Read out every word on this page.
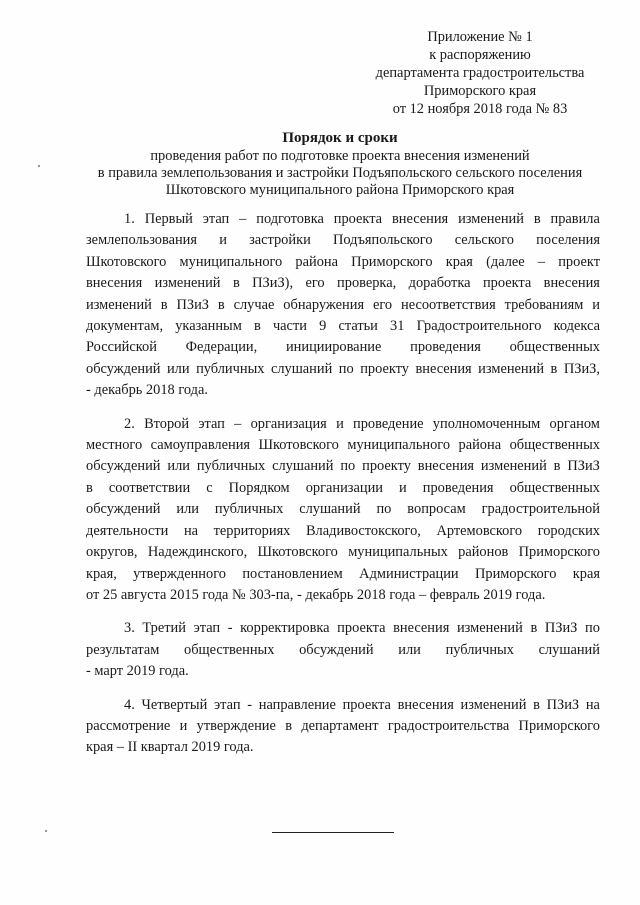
Приложение № 1
к распоряжению
департамента градостроительства
Приморского края
от 12 ноября 2018 года № 83
Порядок и сроки
проведения работ по подготовке проекта внесения изменений
в правила землепользования и застройки Подъяпольского сельского поселения
Шкотовского муниципального района Приморского края
1. Первый этап – подготовка проекта внесения изменений в правила
землепользования и застройки Подъяпольского сельского поселения
Шкотовского муниципального района Приморского края (далее – проект
внесения изменений в ПЗиЗ), его проверка, доработка проекта внесения
изменений в ПЗиЗ в случае обнаружения его несоответствия требованиям и
документам, указанным в части 9 статьи 31 Градостроительного кодекса
Российской Федерации, инициирование проведения общественных
обсуждений или публичных слушаний по проекту внесения изменений в ПЗиЗ,
- декабрь 2018 года.
2. Второй этап – организация и проведение уполномоченным органом
местного самоуправления Шкотовского муниципального района общественных
обсуждений или публичных слушаний по проекту внесения изменений в ПЗиЗ
в соответствии с Порядком организации и проведения общественных
обсуждений или публичных слушаний по вопросам градостроительной
деятельности на территориях Владивостокского, Артемовского городских
округов, Надеждинского, Шкотовского муниципальных районов Приморского
края, утвержденного постановлением Администрации Приморского края
от 25 августа 2015 года № 303-па, - декабрь 2018 года – февраль 2019 года.
3. Третий этап - корректировка проекта внесения изменений в ПЗиЗ по
результатам общественных обсуждений или публичных слушаний
- март 2019 года.
4. Четвертый этап - направление проекта внесения изменений в ПЗиЗ на
рассмотрение и утверждение в департамент градостроительства Приморского
края – II квартал 2019 года.
